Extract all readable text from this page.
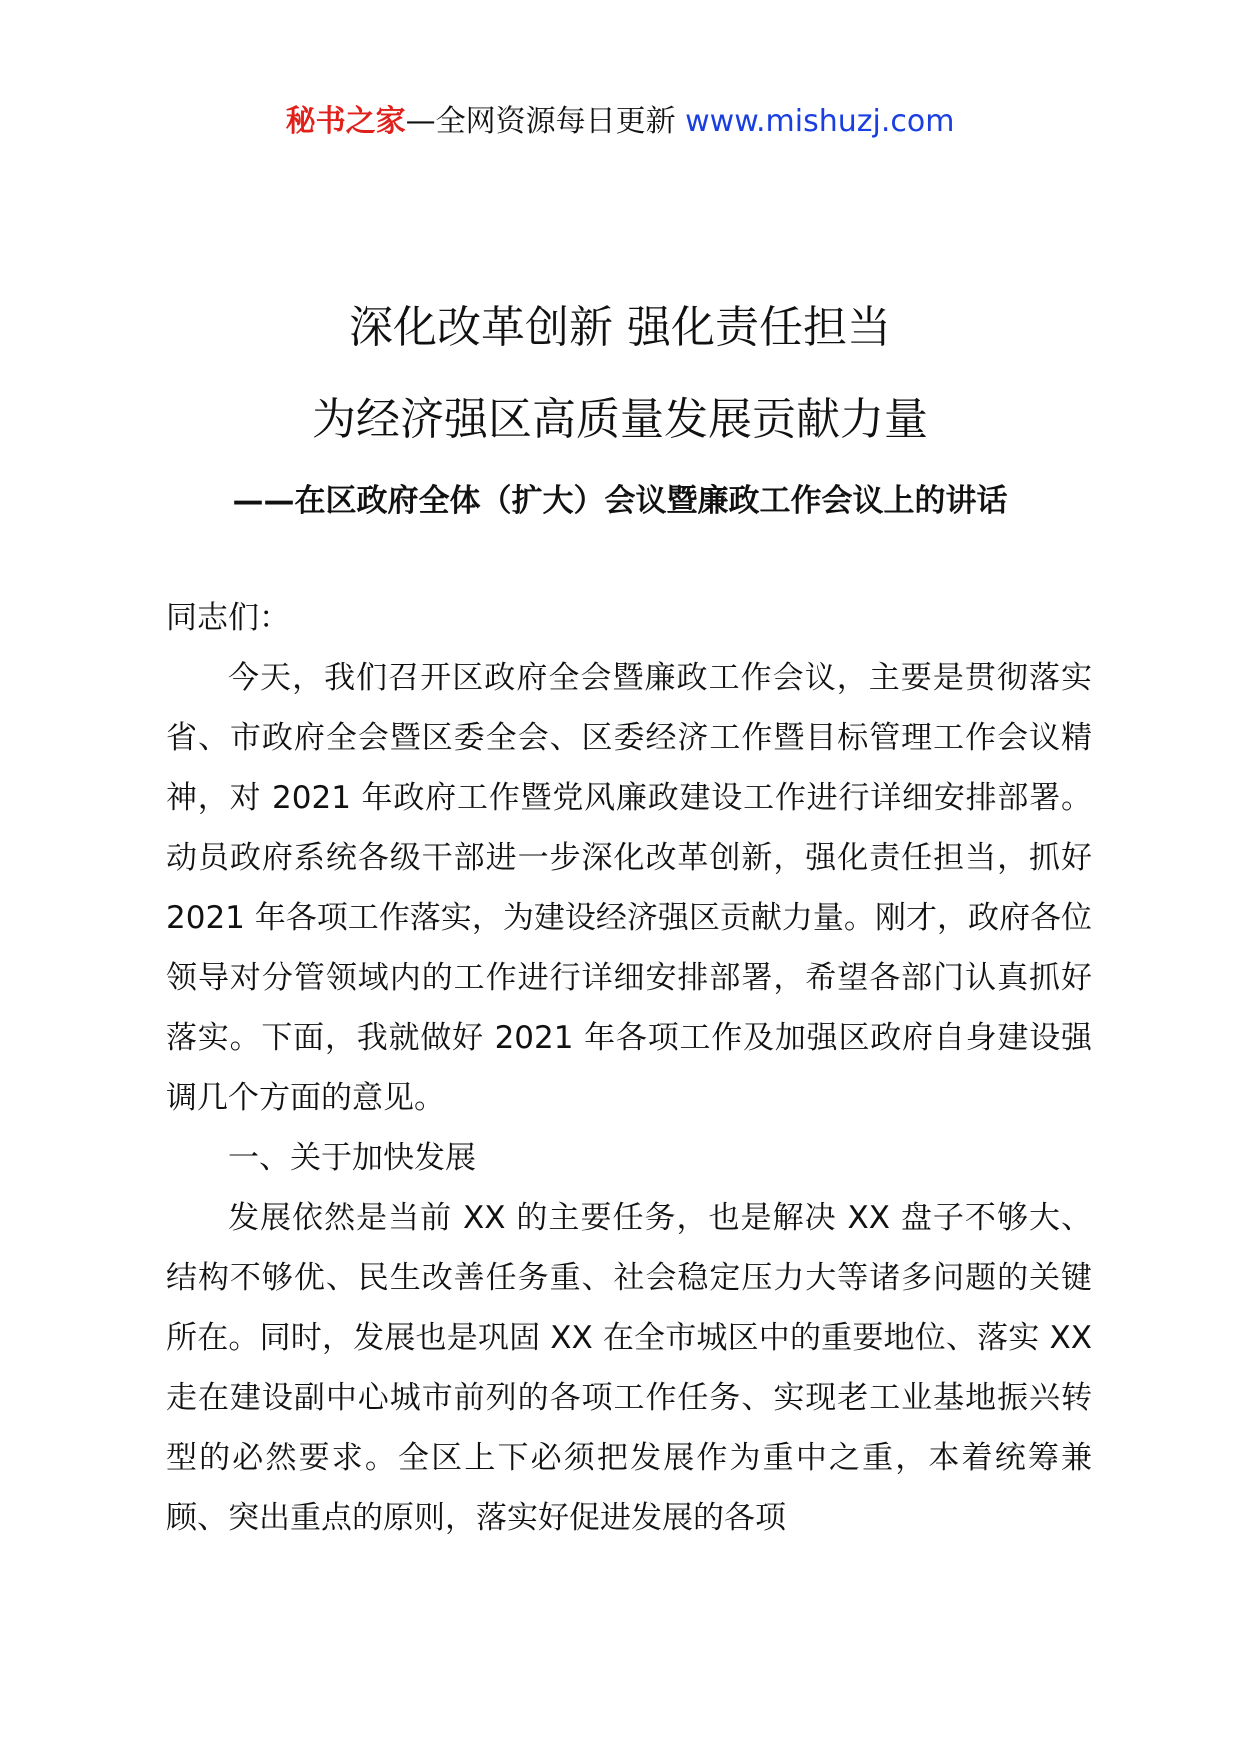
秘书之家—全网资源每日更新 www.mishuzj.com
深化改革创新 强化责任担当
为经济强区高质量发展贡献力量
——在区政府全体（扩大）会议暨廉政工作会议上的讲话

同志们：

今天，我们召开区政府全会暨廉政工作会议，主要是贯彻落实省、市政府全会暨区委全会、区委经济工作暨目标管理工作会议精神，对 2021 年政府工作暨党风廉政建设工作进行详细安排部署。动员政府系统各级干部进一步深化改革创新，强化责任担当，抓好 2021 年各项工作落实，为建设经济强区贡献力量。刚才，政府各位领导对分管领域内的工作进行详细安排部署，希望各部门认真抓好落实。下面，我就做好 2021 年各项工作及加强区政府自身建设强调几个方面的意见。

一、关于加快发展

发展依然是当前 XX 的主要任务，也是解决 XX 盘子不够大、结构不够优、民生改善任务重、社会稳定压力大等诸多问题的关键所在。同时，发展也是巩固 XX 在全市城区中的重要地位、落实 XX 走在建设副中心城市前列的各项工作任务、实现老工业基地振兴转型的必然要求。全区上下必须把发展作为重中之重，本着统筹兼顾、突出重点的原则，落实好促进发展的各项
